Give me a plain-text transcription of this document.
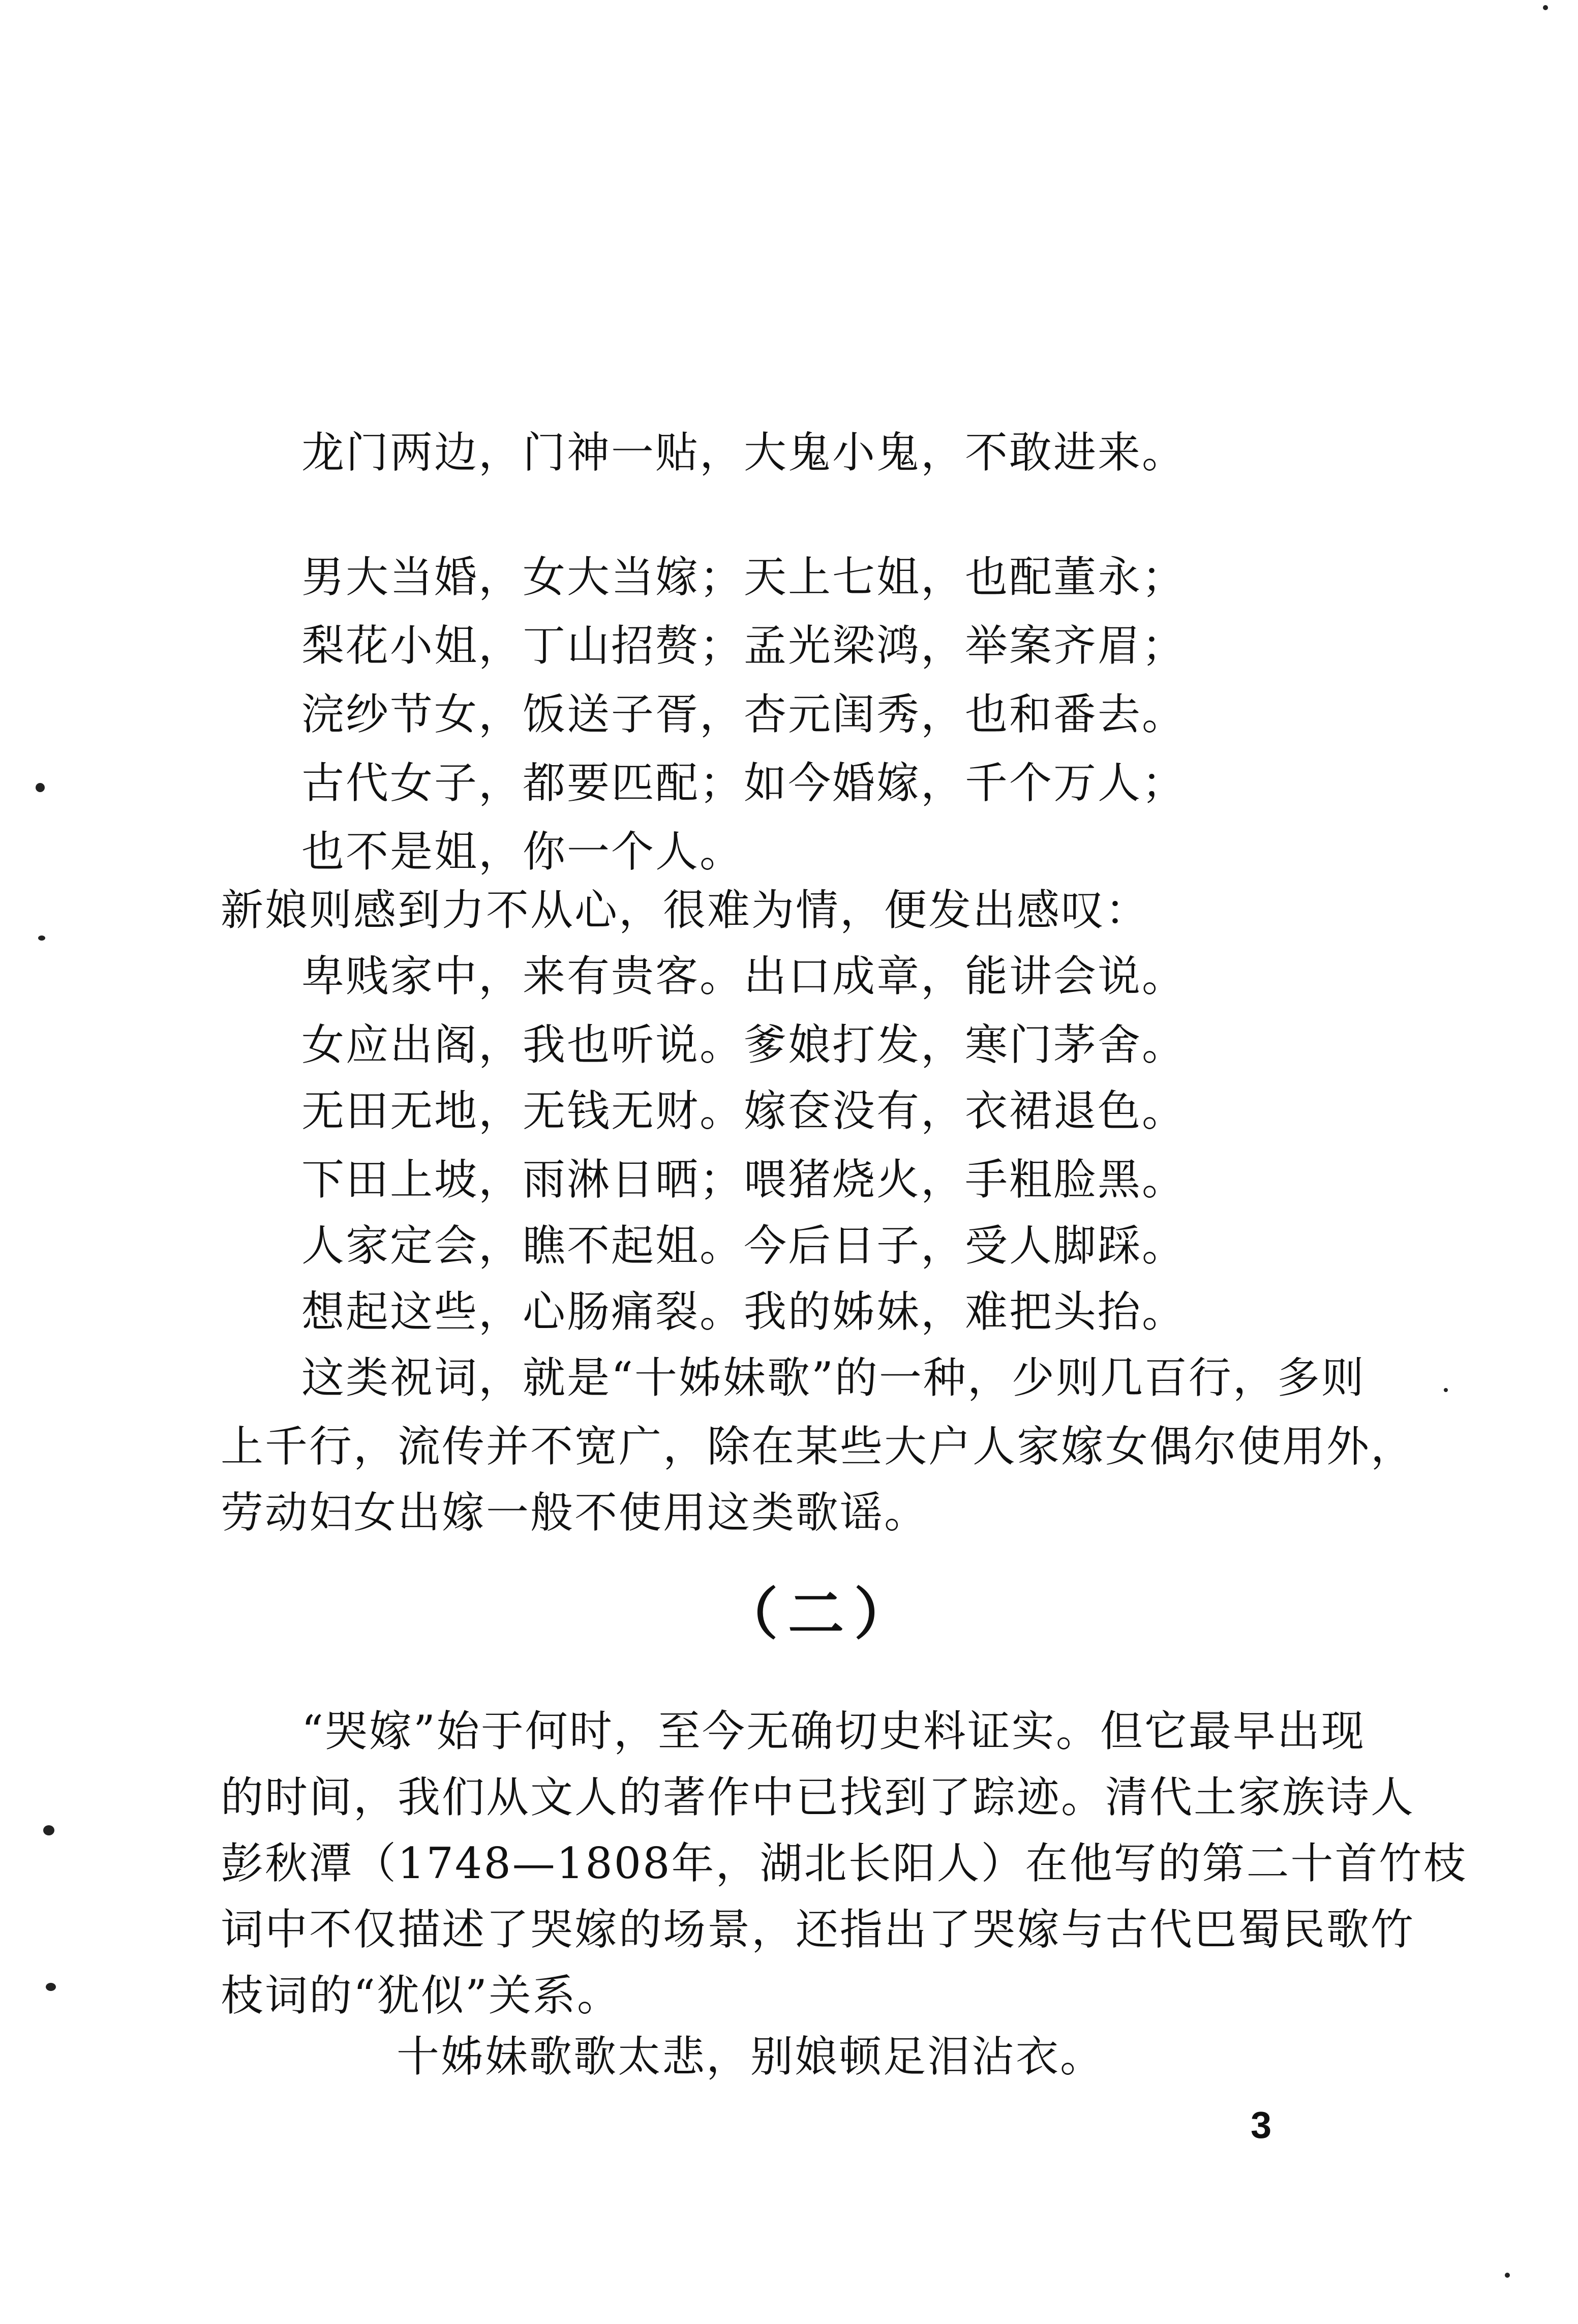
龙门两边，门神一贴，大鬼小鬼，不敢进来。

男大当婚，女大当嫁；天上七姐，也配董永；

梨花小姐，丁山招赘；孟光梁鸿，举案齐眉；

浣纱节女，饭送子胥，杏元闺秀，也和番去。

古代女子，都要匹配；如今婚嫁，千个万人；

也不是姐，你一个人。

新娘则感到力不从心，很难为情，便发出感叹：

卑贱家中，来有贵客。出口成章，能讲会说。

女应出阁，我也听说。爹娘打发，寒门茅舍。

无田无地，无钱无财。嫁奁没有，衣裙退色。

下田上坡，雨淋日晒；喂猪烧火，手粗脸黑。

人家定会，瞧不起姐。今后日子，受人脚踩。

想起这些，心肠痛裂。我的姊妹，难把头抬。

这类祝词，就是“十姊妹歌”的一种，少则几百行，多则

上千行，流传并不宽广，除在某些大户人家嫁女偶尔使用外，

劳动妇女出嫁一般不使用这类歌谣。

（二）

“哭嫁”始于何时，至今无确切史料证实。但它最早出现

的时间，我们从文人的著作中已找到了踪迹。清代土家族诗人

彭秋潭（1748—1808年，湖北长阳人）在他写的第二十首竹枝

词中不仅描述了哭嫁的场景，还指出了哭嫁与古代巴蜀民歌竹

枝词的“犹似”关系。

十姊妹歌歌太悲，别娘顿足泪沾衣。

3
